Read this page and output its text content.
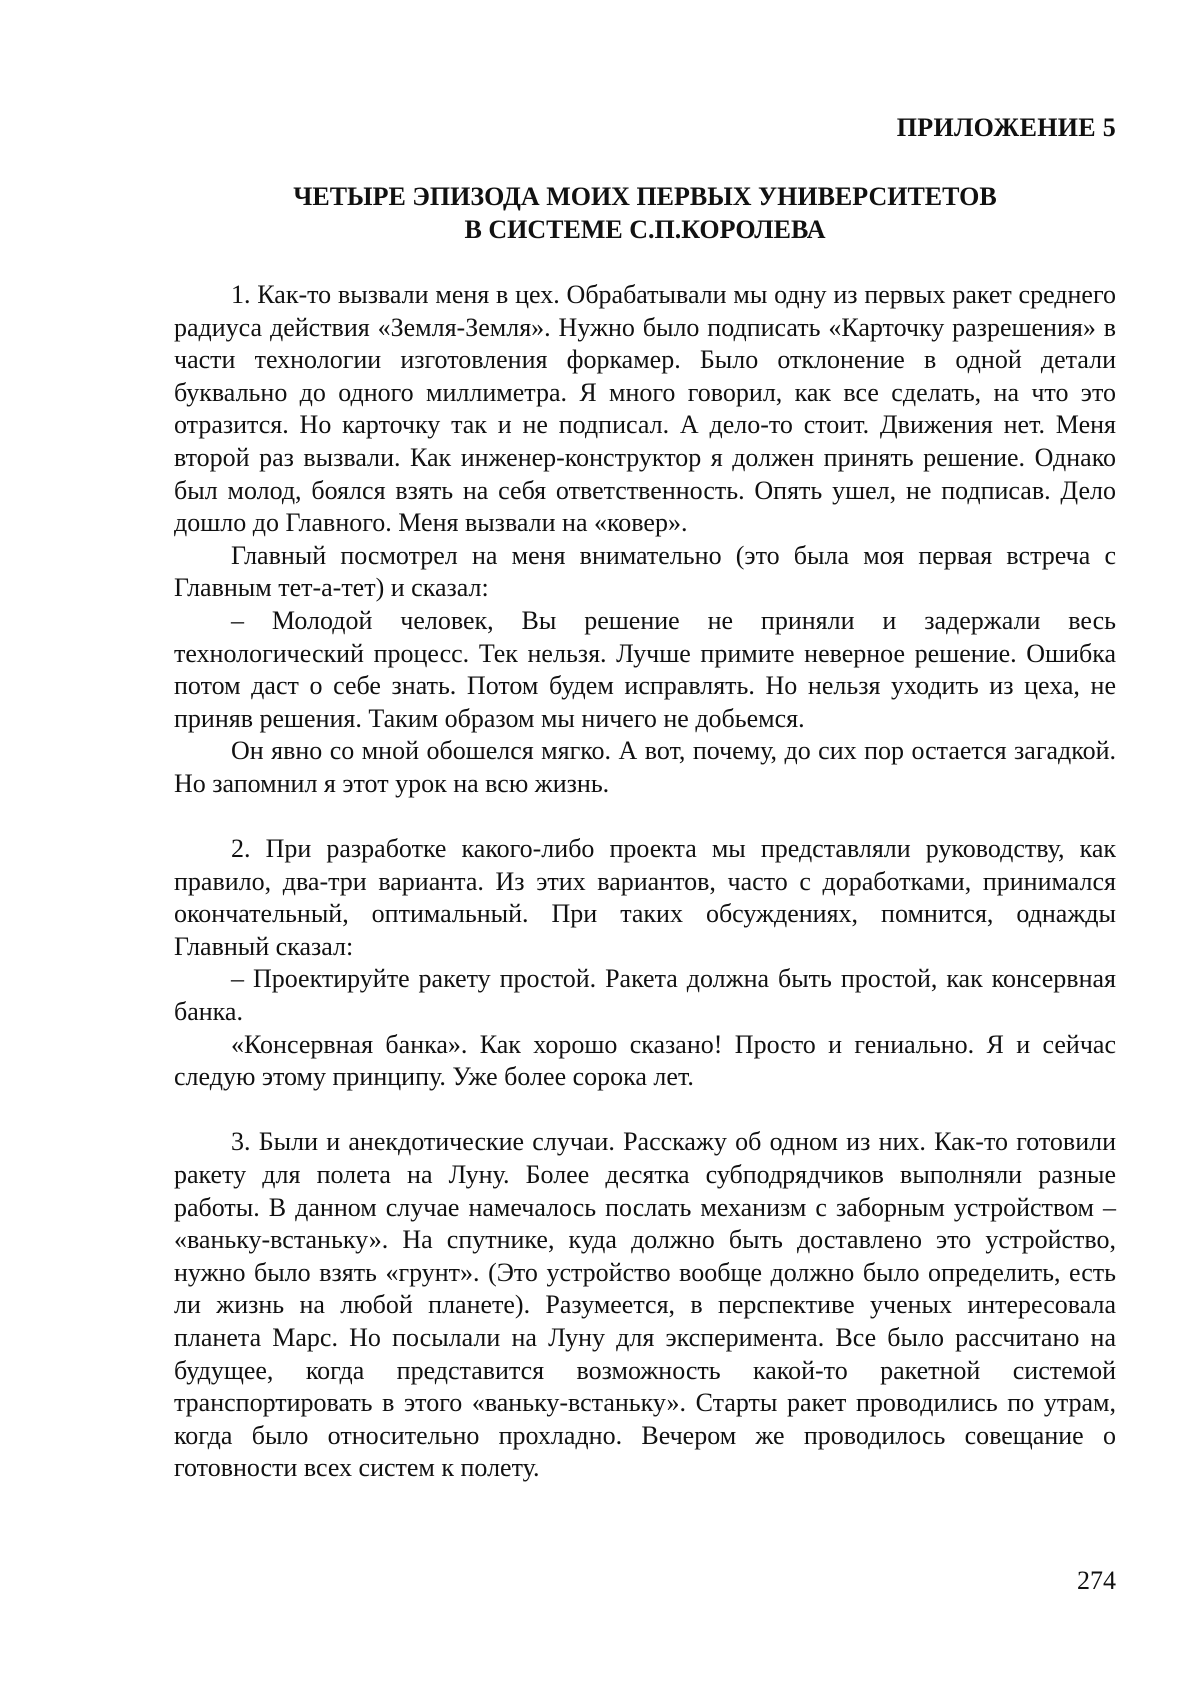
ПРИЛОЖЕНИЕ 5
ЧЕТЫРЕ ЭПИЗОДА МОИХ ПЕРВЫХ УНИВЕРСИТЕТОВ
В СИСТЕМЕ С.П.КОРОЛЕВА

1. Как-то вызвали меня в цех. Обрабатывали мы одну из первых ракет среднего радиуса действия «Земля-Земля». Нужно было подписать «Карточку разрешения» в части технологии изготовления форкамер. Было отклонение в одной детали буквально до одного миллиметра. Я много говорил, как все сделать, на что это отразится. Но карточку так и не подписал. А дело-то стоит. Движения нет. Меня второй раз вызвали. Как инженер-конструктор я должен принять решение. Однако был молод, боялся взять на себя ответственность. Опять ушел, не подписав. Дело дошло до Главного. Меня вызвали на «ковер».

Главный посмотрел на меня внимательно (это была моя первая встреча с Главным тет-а-тет) и сказал:

– Молодой человек, Вы решение не приняли и задержали весь технологический процесс. Тек нельзя. Лучше примите неверное решение. Ошибка потом даст о себе знать. Потом будем исправлять. Но нельзя уходить из цеха, не приняв решения. Таким образом мы ничего не добьемся.

Он явно со мной обошелся мягко. А вот, почему, до сих пор остается загадкой. Но запомнил я этот урок на всю жизнь.

2. При разработке какого-либо проекта мы представляли руководству, как правило, два-три варианта. Из этих вариантов, часто с доработками, принимался окончательный, оптимальный. При таких обсуждениях, помнится, однажды Главный сказал:

– Проектируйте ракету простой. Ракета должна быть простой, как консервная банка.

«Консервная банка». Как хорошо сказано! Просто и гениально. Я и сейчас следую этому принципу. Уже более сорока лет.

3. Были и анекдотические случаи. Расскажу об одном из них. Как-то готовили ракету для полета на Луну. Более десятка субподрядчиков выполняли разные работы. В данном случае намечалось послать механизм с заборным устройством – «ваньку-встаньку». На спутнике, куда должно быть доставлено это устройство, нужно было взять «грунт». (Это устройство вообще должно было определить, есть ли жизнь на любой планете). Разумеется, в перспективе ученых интересовала планета Марс. Но посылали на Луну для эксперимента. Все было рассчитано на будущее, когда представится возможность какой-то ракетной системой транспортировать в этого «ваньку-встаньку». Старты ракет проводились по утрам, когда было относительно прохладно. Вечером же проводилось совещание о готовности всех систем к полету.

274
